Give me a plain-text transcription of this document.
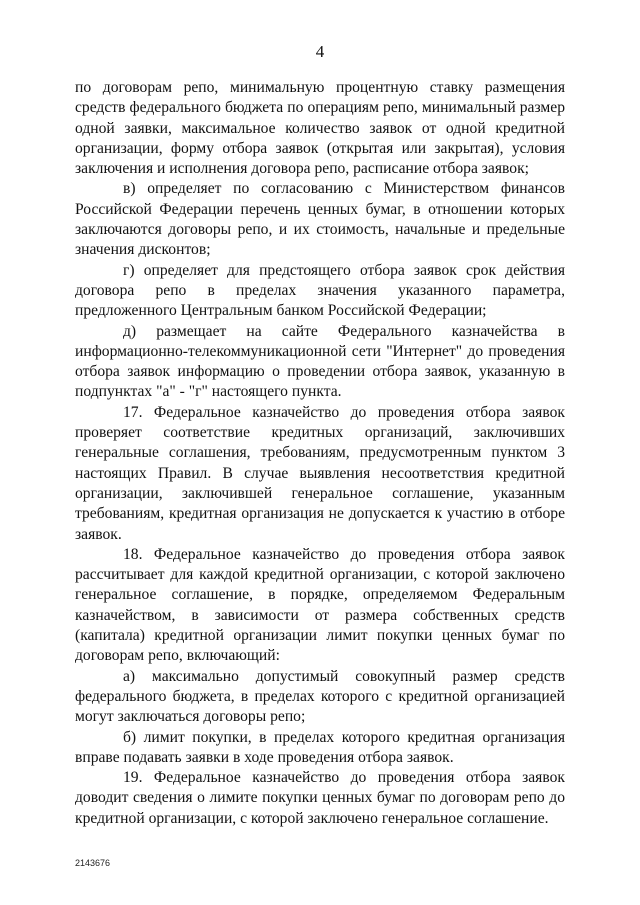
4

по договорам репо, минимальную процентную ставку размещения средств федерального бюджета по операциям репо, минимальный размер одной заявки, максимальное количество заявок от одной кредитной организации, форму отбора заявок (открытая или закрытая), условия заключения и исполнения договора репо, расписание отбора заявок;

в) определяет по согласованию с Министерством финансов Российской Федерации перечень ценных бумаг, в отношении которых заключаются договоры репо, и их стоимость, начальные и предельные значения дисконтов;

г) определяет для предстоящего отбора заявок срок действия договора репо в пределах значения указанного параметра, предложенного Центральным банком Российской Федерации;

д) размещает на сайте Федерального казначейства в информационно-телекоммуникационной сети "Интернет" до проведения отбора заявок информацию о проведении отбора заявок, указанную в подпунктах "а" - "г" настоящего пункта.

17. Федеральное казначейство до проведения отбора заявок проверяет соответствие кредитных организаций, заключивших генеральные соглашения, требованиям, предусмотренным пунктом 3 настоящих Правил. В случае выявления несоответствия кредитной организации, заключившей генеральное соглашение, указанным требованиям, кредитная организация не допускается к участию в отборе заявок.

18. Федеральное казначейство до проведения отбора заявок рассчитывает для каждой кредитной организации, с которой заключено генеральное соглашение, в порядке, определяемом Федеральным казначейством, в зависимости от размера собственных средств (капитала) кредитной организации лимит покупки ценных бумаг по договорам репо, включающий:

а) максимально допустимый совокупный размер средств федерального бюджета, в пределах которого с кредитной организацией могут заключаться договоры репо;

б) лимит покупки, в пределах которого кредитная организация вправе подавать заявки в ходе проведения отбора заявок.

19. Федеральное казначейство до проведения отбора заявок доводит сведения о лимите покупки ценных бумаг по договорам репо до кредитной организации, с которой заключено генеральное соглашение.

2143676
